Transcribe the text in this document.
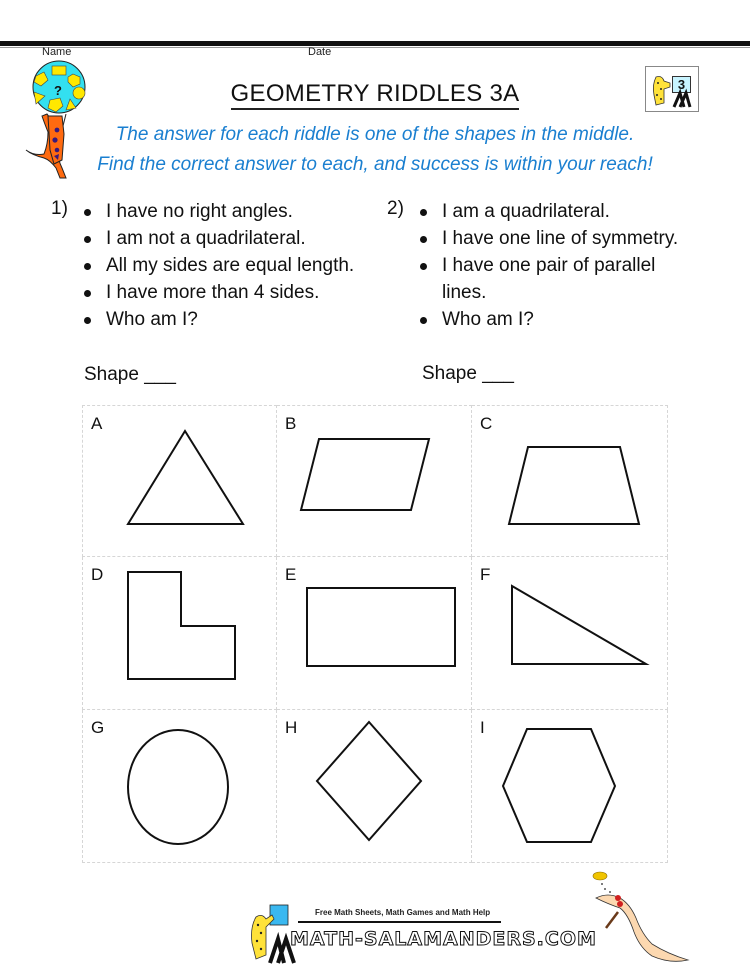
Name	Date
?	3
GEOMETRY RIDDLES 3A
The answer for each riddle is one of the shapes in the middle.
Find the correct answer to each, and success is within your reach!
1)	I have no right angles.
I am not a quadrilateral.
All my sides are equal length.
I have more than 4 sides.
Who am I?
Shape ___
2)	I am a quadrilateral.
I have one line of symmetry.
I have one pair of parallel
lines.
Who am I?
Shape ___
A	B	C
D	E	F
G	H	I
Free Math Sheets, Math Games and Math Help
MATH-SALAMANDERS.COM
